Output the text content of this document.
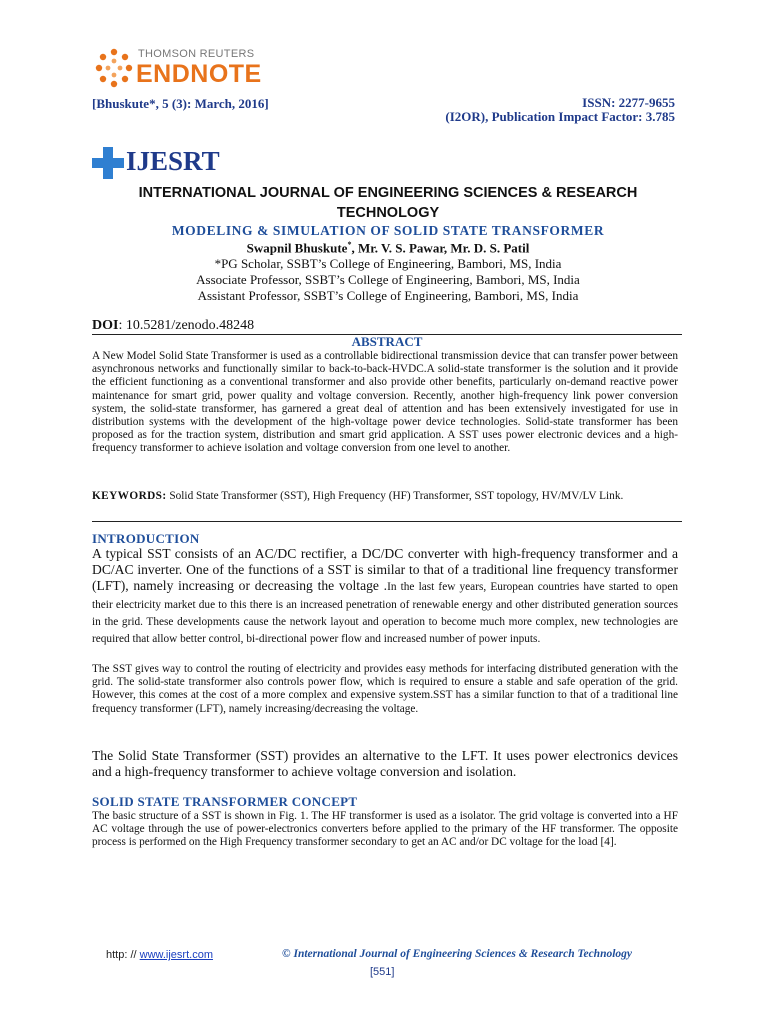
THOMSON REUTERS
ENDNOTE
[Bhuskute*, 5 (3): March, 2016]	ISSN: 2277-9655
(I2OR), Publication Impact Factor: 3.785
IJESRT
INTERNATIONAL JOURNAL OF ENGINEERING SCIENCES & RESEARCH TECHNOLOGY
MODELING & SIMULATION OF SOLID STATE TRANSFORMER
Swapnil Bhuskute*, Mr. V. S. Pawar, Mr. D. S. Patil
*PG Scholar, SSBT’s College of Engineering, Bambori, MS, India
Associate Professor, SSBT’s College of Engineering, Bambori, MS, India
Assistant Professor, SSBT’s College of Engineering, Bambori, MS, India
DOI: 10.5281/zenodo.48248
ABSTRACT
A New Model Solid State Transformer is used as a controllable bidirectional transmission device that can transfer power between asynchronous networks and functionally similar to back-to-back-HVDC.A solid-state transformer is the solution and it provide the efficient functioning as a conventional transformer and also provide other benefits, particularly on-demand reactive power maintenance for smart grid, power quality and voltage conversion. Recently, another high-frequency link power conversion system, the solid-state transformer, has garnered a great deal of attention and has been extensively investigated for use in distribution systems with the development of the high-voltage power device technologies. Solid-state transformer has been proposed as for the traction system, distribution and smart grid application. A SST uses power electronic devices and a high-frequency transformer to achieve isolation and voltage conversion from one level to another.
KEYWORDS: Solid State Transformer (SST), High Frequency (HF) Transformer, SST topology, HV/MV/LV Link.
INTRODUCTION
A typical SST consists of an AC/DC rectifier, a DC/DC converter with high-frequency transformer and a DC/AC inverter. One of the functions of a SST is similar to that of a traditional line frequency transformer (LFT), namely increasing or decreasing the voltage .In the last few years, European countries have started to open their electricity market due to this there is an increased penetration of renewable energy and other distributed generation sources in the grid. These developments cause the network layout and operation to become much more complex, new technologies are required that allow better control, bi-directional power flow and increased number of power inputs.
The SST gives way to control the routing of electricity and provides easy methods for interfacing distributed generation with the grid. The solid-state transformer also controls power flow, which is required to ensure a stable and safe operation of the grid. However, this comes at the cost of a more complex and expensive system.SST has a similar function to that of a traditional line frequency transformer (LFT), namely increasing/decreasing the voltage.
The Solid State Transformer (SST) provides an alternative to the LFT. It uses power electronics devices and a high-frequency transformer to achieve voltage conversion and isolation.
SOLID STATE TRANSFORMER CONCEPT
The basic structure of a SST is shown in Fig. 1. The HF transformer is used as a isolator. The grid voltage is converted into a HF AC voltage through the use of power-electronics converters before applied to the primary of the HF transformer. The opposite process is performed on the High Frequency transformer secondary to get an AC and/or DC voltage for the load [4].
http: // www.ijesrt.com	© International Journal of Engineering Sciences & Research Technology
[551]
